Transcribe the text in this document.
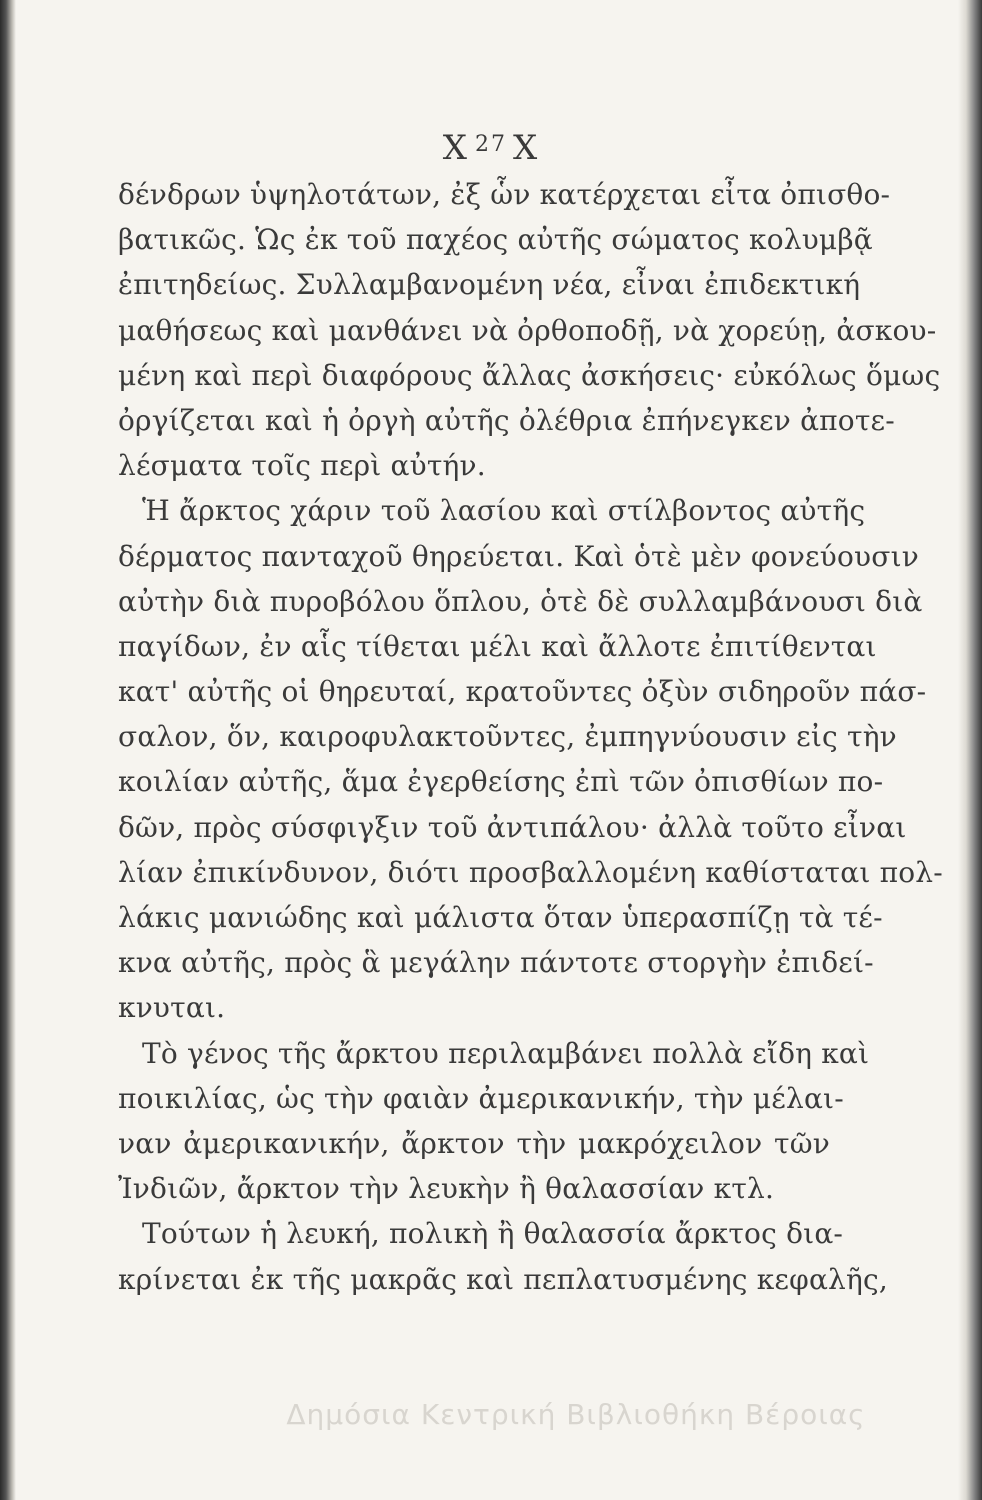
X $^{27}$ X
δένδρων ὑψηλοτάτων, ἐξ ὧν κατέρχεται εἶτα ὀπισθο-
βατικῶς. Ὡς ἐκ τοῦ παχέος αὐτῆς σώματος κολυμβᾷ
ἐπιτηδείως. Συλλαμβανομένη νέα, εἶναι ἐπιδεκτική
μαθήσεως καὶ μανθάνει νὰ ὀρθοποδῇ, νὰ χορεύῃ, ἀσκου-
μένη καὶ περὶ διαφόρους ἄλλας ἀσκήσεις· εὐκόλως ὅμως
ὀργίζεται καὶ ἡ ὀργὴ αὐτῆς ὀλέθρια ἐπήνεγκεν ἀποτε-
λέσματα τοῖς περὶ αὐτήν.
Ἡ ἄρκτος χάριν τοῦ λασίου καὶ στίλβοντος αὐτῆς
δέρματος πανταχοῦ θηρεύεται. Καὶ ὁτὲ μὲν φονεύουσιν
αὐτὴν διὰ πυροβόλου ὅπλου, ὁτὲ δὲ συλλαμβάνουσι διὰ
παγίδων, ἐν αἷς τίθεται μέλι καὶ ἄλλοτε ἐπιτίθενται
κατ' αὐτῆς οἱ θηρευταί, κρατοῦντες ὀξὺν σιδηροῦν πάσ-
σαλον, ὅν, καιροφυλακτοῦντες, ἐμπηγνύουσιν εἰς τὴν
κοιλίαν αὐτῆς, ἅμα ἐγερθείσης ἐπὶ τῶν ὀπισθίων πο-
δῶν, πρὸς σύσφιγξιν τοῦ ἀντιπάλου· ἀλλὰ τοῦτο εἶναι
λίαν ἐπικίνδυνον, διότι προσβαλλομένη καθίσταται πολ-
λάκις μανιώδης καὶ μάλιστα ὅταν ὑπερασπίζῃ τὰ τέ-
κνα αὐτῆς, πρὸς ἃ μεγάλην πάντοτε στοργὴν ἐπιδεί-
κνυται.
Τὸ γένος τῆς ἄρκτου περιλαμβάνει πολλὰ εἴδη καὶ
ποικιλίας, ὡς τὴν φαιὰν ἀμερικανικήν, τὴν μέλαι-
ναν ἀμερικανικήν, ἄρκτον τὴν μακρόχειλον τῶν
Ἰνδιῶν, ἄρκτον τὴν λευκὴν ἢ θαλασσίαν κτλ.
Τούτων ἡ λευκή, πολικὴ ἢ θαλασσία ἄρκτος δια-
κρίνεται ἐκ τῆς μακρᾶς καὶ πεπλατυσμένης κεφαλῆς,
Δημόσια Κεντρική Βιβλιοθήκη Βέροιας
